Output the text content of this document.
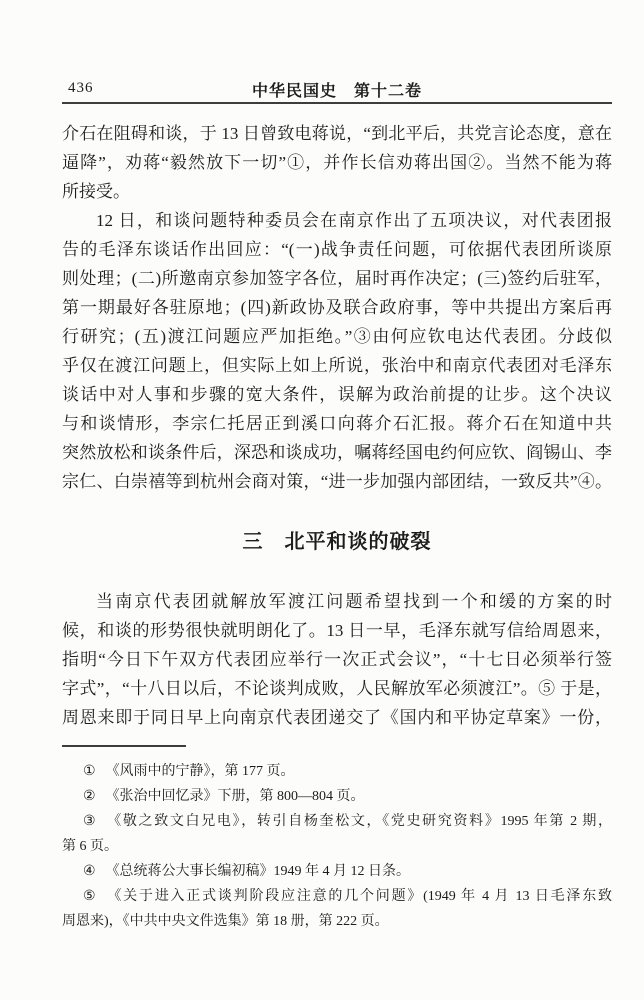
436	中华民国史　第十二卷
介石在阻碍和谈，于 13 日曾致电蒋说，“到北平后，共党言论态度，意在
逼降”，劝蒋“毅然放下一切”①，并作长信劝蒋出国②。当然不能为蒋
所接受。
12 日，和谈问题特种委员会在南京作出了五项决议，对代表团报
告的毛泽东谈话作出回应：“(一)战争责任问题，可依据代表团所谈原
则处理；(二)所邀南京参加签字各位，届时再作决定；(三)签约后驻军，
第一期最好各驻原地；(四)新政协及联合政府事，等中共提出方案后再
行研究；(五)渡江问题应严加拒绝。”③由何应钦电达代表团。分歧似
乎仅在渡江问题上，但实际上如上所说，张治中和南京代表团对毛泽东
谈话中对人事和步骤的宽大条件，误解为政治前提的让步。这个决议
与和谈情形，李宗仁托居正到溪口向蒋介石汇报。蒋介石在知道中共
突然放松和谈条件后，深恐和谈成功，嘱蒋经国电约何应钦、阎锡山、李
宗仁、白崇禧等到杭州会商对策，“进一步加强内部团结，一致反共”④。
三　北平和谈的破裂
当南京代表团就解放军渡江问题希望找到一个和缓的方案的时
候，和谈的形势很快就明朗化了。13 日一早，毛泽东就写信给周恩来，
指明“今日下午双方代表团应举行一次正式会议”，“十七日必须举行签
字式”，“十八日以后，不论谈判成败，人民解放军必须渡江”。⑤ 于是，
周恩来即于同日早上向南京代表团递交了《国内和平协定草案》一份，
① 《风雨中的宁静》，第 177 页。
② 《张治中回忆录》下册，第 800—804 页。
③ 《敬之致文白兄电》，转引自杨奎松文，《党史研究资料》1995 年第 2 期，
第 6 页。
④ 《总统蒋公大事长编初稿》1949 年 4 月 12 日条。
⑤ 《关于进入正式谈判阶段应注意的几个问题》(1949 年 4 月 13 日毛泽东致
周恩来)，《中共中央文件选集》第 18 册，第 222 页。
